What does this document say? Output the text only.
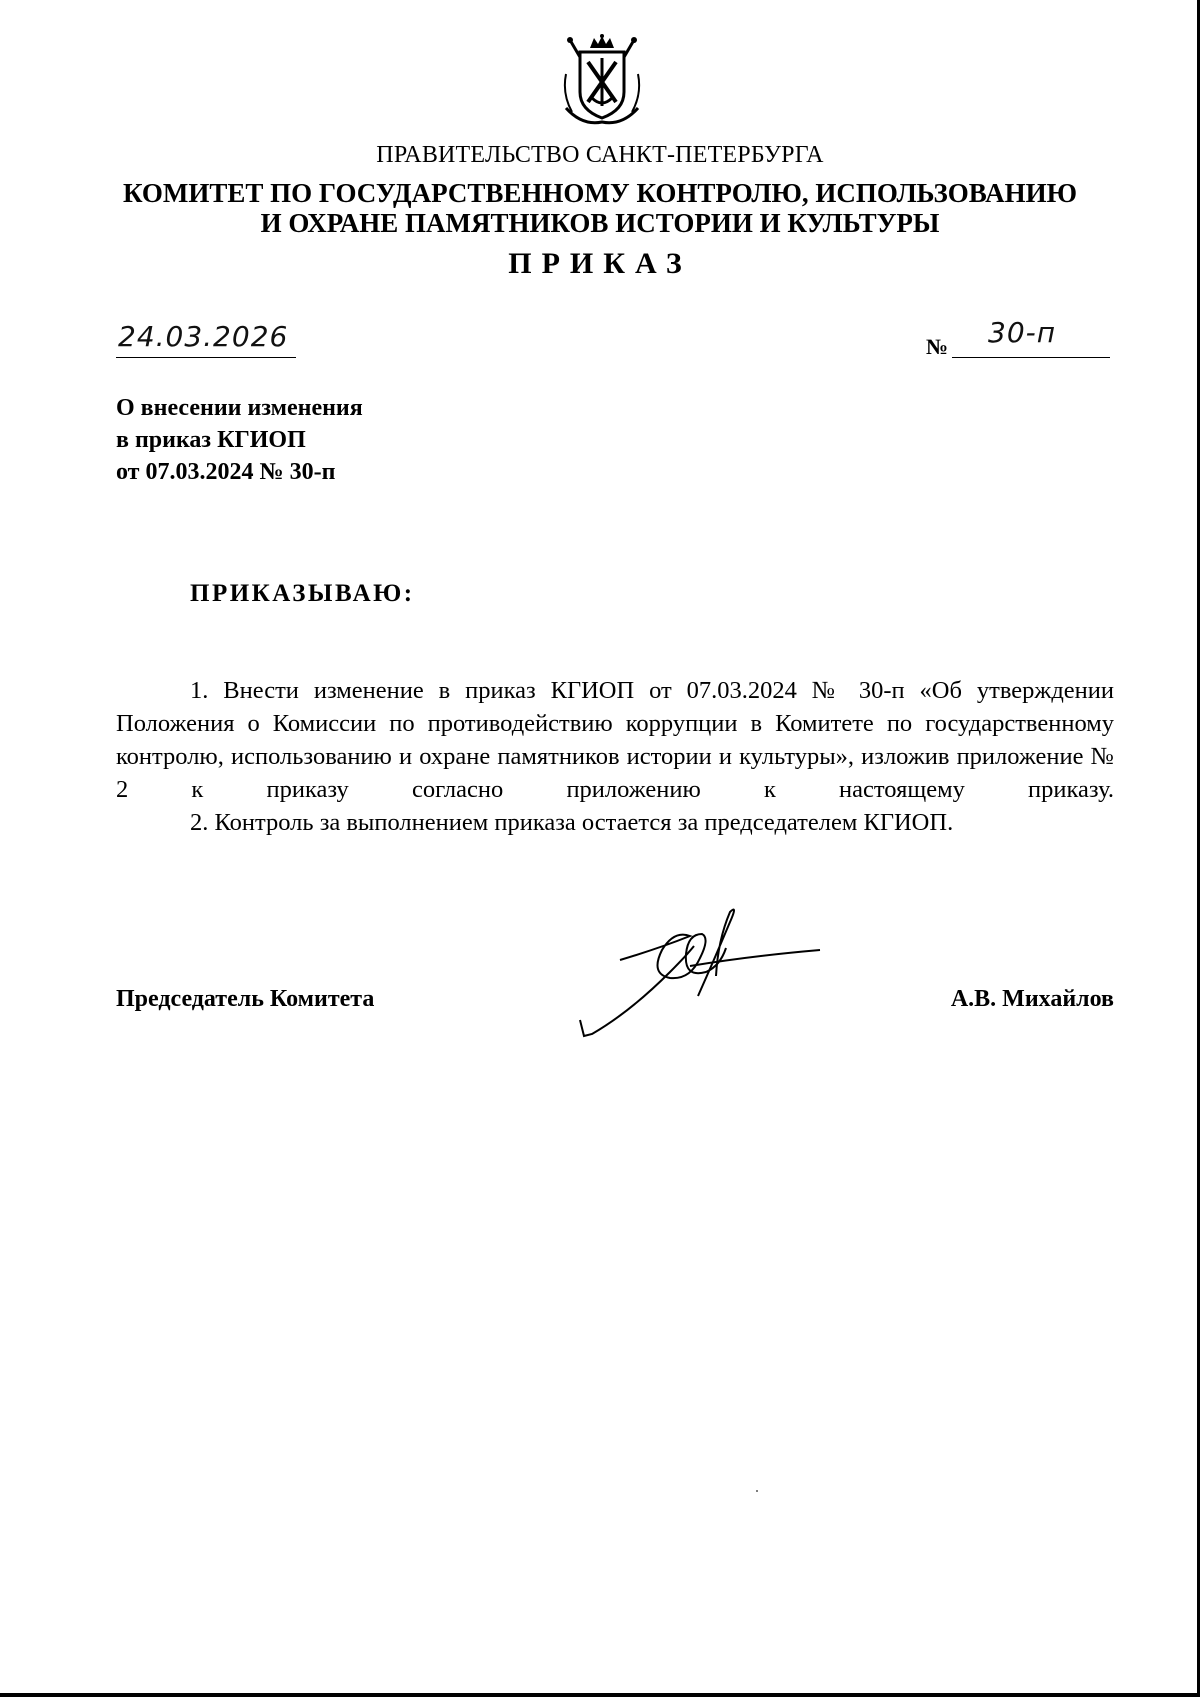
ПРАВИТЕЛЬСТВО САНКТ-ПЕТЕРБУРГА
КОМИТЕТ ПО ГОСУДАРСТВЕННОМУ КОНТРОЛЮ, ИСПОЛЬЗОВАНИЮ
И ОХРАНЕ ПАМЯТНИКОВ ИСТОРИИ И КУЛЬТУРЫ
ПРИКАЗ
24.03.2026	№ 30-п
О внесении изменения
в приказ КГИОП
от 07.03.2024 № 30-п
ПРИКАЗЫВАЮ:

1. Внести изменение в приказ КГИОП от 07.03.2024 № 30-п «Об утверждении Положения о Комиссии по противодействию коррупции в Комитете по государственному контролю, использованию и охране памятников истории и культуры», изложив приложение № 2 к приказу согласно приложению к настоящему приказу.

2. Контроль за выполнением приказа остается за председателем КГИОП.

Председатель Комитета	А.В. Михайлов
